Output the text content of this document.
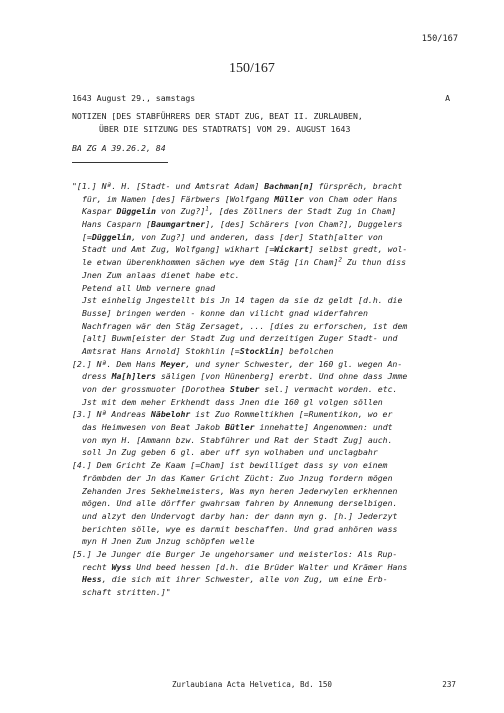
150/167
150/167
1643 August 29., samstags	A
NOTIZEN [DES STABFÜHRERS DER STADT ZUG, BEAT II. ZURLAUBEN,
ÜBER DIE SITZUNG DES STADTRATS] VOM 29. AUGUST 1643
BA ZG A 39.26.2, 84
"[1.] Nª. H. [Stadt- und Amtsrat Adam] Bachman[n] fürsprëch, bracht
für, im Namen [des] Färbwers [Wolfgang Müller von Cham oder Hans
Kaspar Düggelin von Zug?]$^1$, [des Zöllners der Stadt Zug in Cham]
Hans Casparn [Baumgartner], [des] Schärers [von Cham?], Duggelers
[=Düggelin, von Zug?] und anderen, dass [der] Stath[alter von
Stadt und Amt Zug, Wolfgang] wikhart [=Wickart] selbst gredt, wol-
le etwan überenkhommen sächen wye dem Stäg [in Cham]$^2$ Zu thun diss
Jnen Zum anlaas dienet habe etc.
Petend all Umb vernere gnad
Jst einhelig Jngestellt bis Jn 14 tagen da sie dz geldt [d.h. die
Busse] bringen werden - konne dan vilicht gnad widerfahren
Nachfragen wär den Stäg Zersaget, ... [dies zu erforschen, ist dem
[alt] Buwm[eister der Stadt Zug und derzeitigen Zuger Stadt- und
Amtsrat Hans Arnold] Stokhlin [=Stocklin] befolchen
[2.] Nª. Dem Hans Meyer, und syner Schwester, der 160 gl. wegen An-
dress Ma[h]lers säligen [von Hünenberg] ererbt. Und ohne dass Jmme
von der grossmuoter [Dorothea Stuber sel.] vermacht worden. etc.
Jst mit dem meher Erkhendt dass Jnen die 160 gl volgen söllen
[3.] Nª Andreas Näbelohr ist Zuo Rommeltikhen [=Rumentikon, wo er
das Heimwesen von Beat Jakob Bütler innehatte] Angenommen: undt
von myn H. [Ammann bzw. Stabführer und Rat der Stadt Zug] auch.
soll Jn Zug geben 6 gl. aber uff syn wolhaben und unclagbahr
[4.] Dem Gricht Ze Kaam [=Cham] ist bewilliget dass sy von einem
frömbden der Jn das Kamer Gricht Zücht: Zuo Jnzug fordern mögen
Zehanden Jres Sekhelmeisters, Was myn heren Jederwylen erkhennen
mögen. Und alle dörffer gwahrsam fahren by Annemung derselbigen.
und alzyt den Undervogt darby han: der dann myn g. [h.] Jederzyt
berichten sölle, wye es darmit beschaffen. Und grad anhören wass
myn H Jnen Zum Jnzug schöpfen welle
[5.] Je Junger die Burger Je ungehorsamer und meisterlos: Als Rup-
recht Wyss Und beed hessen [d.h. die Brüder Walter und Krämer Hans
Hess, die sich mit ihrer Schwester, alle von Zug, um eine Erb-
schaft stritten.]"
Zurlaubiana Acta Helvetica, Bd. 150	237
